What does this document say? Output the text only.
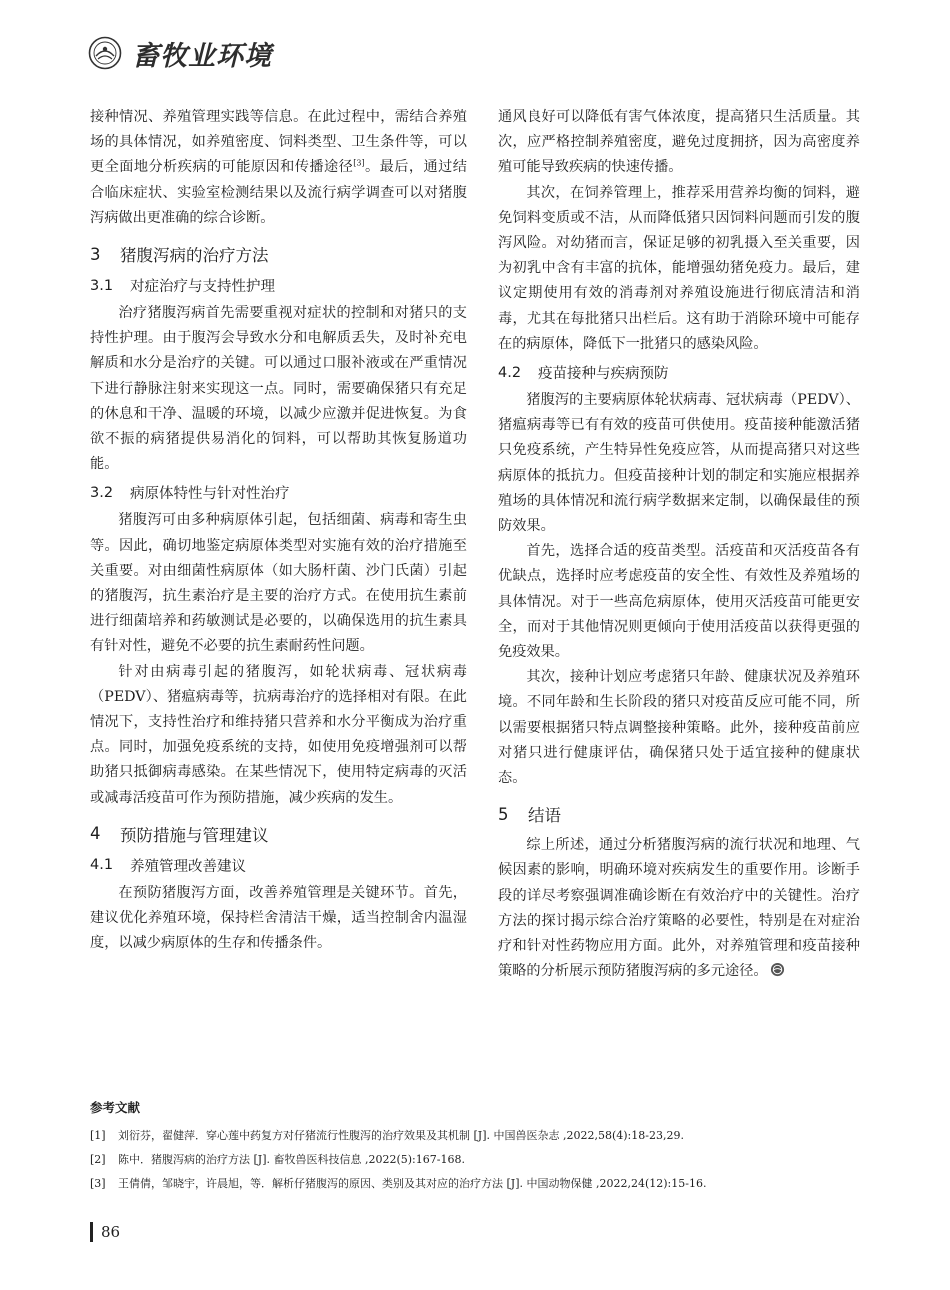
畜牧业环境

接种情况、养殖管理实践等信息。在此过程中，需结合养殖场的具体情况，如养殖密度、饲料类型、卫生条件等，可以更全面地分析疾病的可能原因和传播途径[3]。最后，通过结合临床症状、实验室检测结果以及流行病学调查可以对猪腹泻病做出更准确的综合诊断。

3	猪腹泻病的治疗方法
3.1	对症治疗与支持性护理

治疗猪腹泻病首先需要重视对症状的控制和对猪只的支持性护理。由于腹泻会导致水分和电解质丢失，及时补充电解质和水分是治疗的关键。可以通过口服补液或在严重情况下进行静脉注射来实现这一点。同时，需要确保猪只有充足的休息和干净、温暖的环境，以减少应激并促进恢复。为食欲不振的病猪提供易消化的饲料，可以帮助其恢复肠道功能。

3.2	病原体特性与针对性治疗

猪腹泻可由多种病原体引起，包括细菌、病毒和寄生虫等。因此，确切地鉴定病原体类型对实施有效的治疗措施至关重要。对由细菌性病原体（如大肠杆菌、沙门氏菌）引起的猪腹泻，抗生素治疗是主要的治疗方式。在使用抗生素前进行细菌培养和药敏测试是必要的，以确保选用的抗生素具有针对性，避免不必要的抗生素耐药性问题。

针对由病毒引起的猪腹泻，如轮状病毒、冠状病毒（PEDV）、猪瘟病毒等，抗病毒治疗的选择相对有限。在此情况下，支持性治疗和维持猪只营养和水分平衡成为治疗重点。同时，加强免疫系统的支持，如使用免疫增强剂可以帮助猪只抵御病毒感染。在某些情况下，使用特定病毒的灭活或减毒活疫苗可作为预防措施，减少疾病的发生。

4	预防措施与管理建议
4.1	养殖管理改善建议

在预防猪腹泻方面，改善养殖管理是关键环节。首先，建议优化养殖环境，保持栏舍清洁干燥，适当控制舍内温湿度，以减少病原体的生存和传播条件。

通风良好可以降低有害气体浓度，提高猪只生活质量。其次，应严格控制养殖密度，避免过度拥挤，因为高密度养殖可能导致疾病的快速传播。

其次，在饲养管理上，推荐采用营养均衡的饲料，避免饲料变质或不洁，从而降低猪只因饲料问题而引发的腹泻风险。对幼猪而言，保证足够的初乳摄入至关重要，因为初乳中含有丰富的抗体，能增强幼猪免疫力。最后，建议定期使用有效的消毒剂对养殖设施进行彻底清洁和消毒，尤其在每批猪只出栏后。这有助于消除环境中可能存在的病原体，降低下一批猪只的感染风险。

4.2	疫苗接种与疾病预防

猪腹泻的主要病原体轮状病毒、冠状病毒（PEDV）、猪瘟病毒等已有有效的疫苗可供使用。疫苗接种能激活猪只免疫系统，产生特异性免疫应答，从而提高猪只对这些病原体的抵抗力。但疫苗接种计划的制定和实施应根据养殖场的具体情况和流行病学数据来定制，以确保最佳的预防效果。

首先，选择合适的疫苗类型。活疫苗和灭活疫苗各有优缺点，选择时应考虑疫苗的安全性、有效性及养殖场的具体情况。对于一些高危病原体，使用灭活疫苗可能更安全，而对于其他情况则更倾向于使用活疫苗以获得更强的免疫效果。

其次，接种计划应考虑猪只年龄、健康状况及养殖环境。不同年龄和生长阶段的猪只对疫苗反应可能不同，所以需要根据猪只特点调整接种策略。此外，接种疫苗前应对猪只进行健康评估，确保猪只处于适宜接种的健康状态。

5	结语

综上所述，通过分析猪腹泻病的流行状况和地理、气候因素的影响，明确环境对疾病发生的重要作用。诊断手段的详尽考察强调准确诊断在有效治疗中的关键性。治疗方法的探讨揭示综合治疗策略的必要性，特别是在对症治疗和针对性药物应用方面。此外，对养殖管理和疫苗接种策略的分析展示预防猪腹泻病的多元途径。

参考文献
[1]	刘衍芬，翟健萍．穿心莲中药复方对仔猪流行性腹泻的治疗效果及其机制 [J]. 中国兽医杂志 ,2022,58(4):18-23,29.
[2]	陈中．猪腹泻病的治疗方法 [J]. 畜牧兽医科技信息 ,2022(5):167-168.
[3]	王倩倩，邹晓宇，许晨旭，等．解析仔猪腹泻的原因、类别及其对应的治疗方法 [J]. 中国动物保健 ,2022,24(12):15-16.
86
